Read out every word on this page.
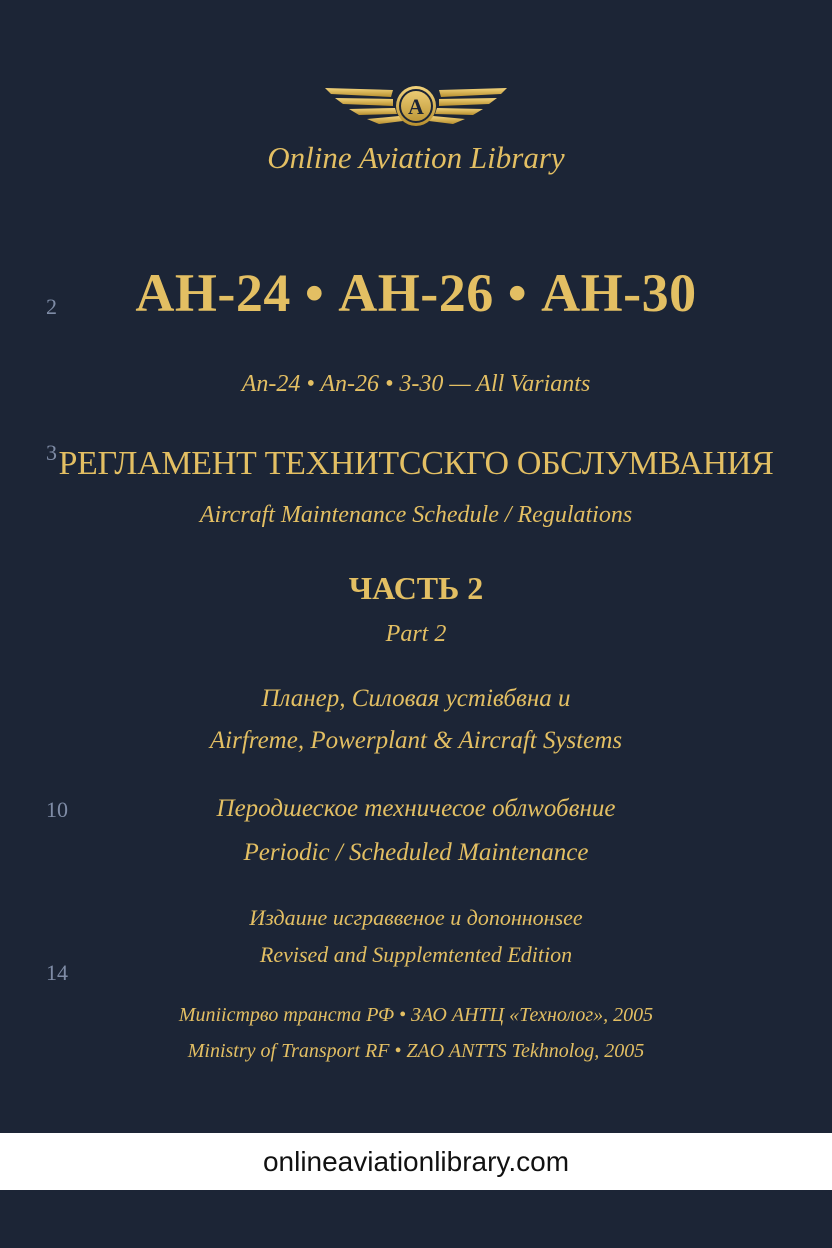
A
Online Aviation Library
2
3
10
14
АН-24 • АН-26 • АН-30
An-24 • An-26 • 3-30 — All Variants
РЕГЛАМЕНТ ТЕХНИТССКГО ОБСЛУМВАНИЯ
Aircraft Maintenance Schedule / Regulations
ЧАСТЬ 2
Part 2
Планер, Силовая устівбвна и
Airfreme, Powerplant & Aircraft Systems
Перодшеское техничесое облwобвние
Periodic / Scheduled Maintenance
Издаине исграввеное и допоннонsее
Revised and Supplemtented Edition
Мunіістрво транста РФ • ЗАО АНТЦ «Технолог», 2005
Ministry of Transport RF • ZAO ANTTS Tekhnolog, 2005
onlineaviationlibrary.com
